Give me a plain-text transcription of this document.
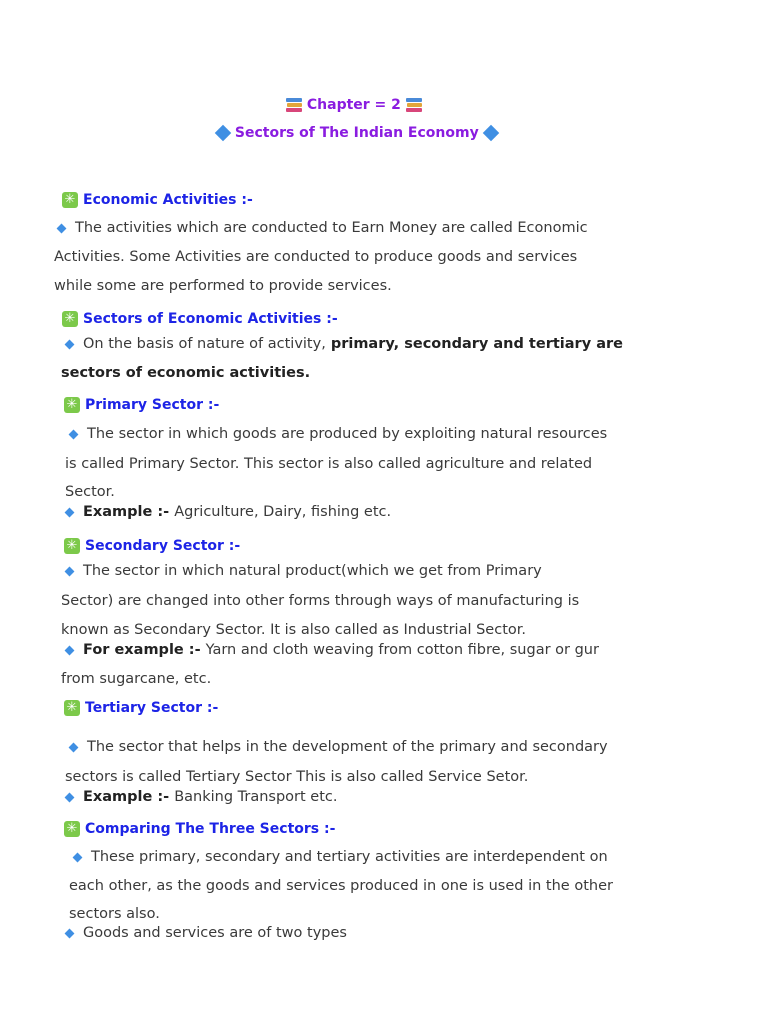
Chapter = 2
Sectors of The Indian Economy
✳
Economic Activities :-
The activities which are conducted to Earn Money are called Economic
Activities. Some Activities are conducted to produce goods and services
while some are performed to provide services.
✳
Sectors of Economic Activities :-
On the basis of nature of activity, primary, secondary and tertiary are
sectors of economic activities.
✳
Primary Sector :-
The sector in which goods are produced by exploiting natural resources
is called Primary Sector. This sector is also called agriculture and related
Sector.
Example :- Agriculture, Dairy, fishing etc.
✳
Secondary Sector :-
The sector in which natural product(which we get from Primary
Sector) are changed into other forms through ways of manufacturing is
known as Secondary Sector. It is also called as Industrial Sector.
For example :- Yarn and cloth weaving from cotton fibre, sugar or gur
from sugarcane, etc.
✳
Tertiary Sector :-
The sector that helps in the development of the primary and secondary
sectors is called Tertiary Sector This is also called Service Setor.
Example :- Banking Transport etc.
✳
Comparing The Three Sectors :-
These primary, secondary and tertiary activities are interdependent on
each other, as the goods and services produced in one is used in the other
sectors also.
Goods and services are of two types
